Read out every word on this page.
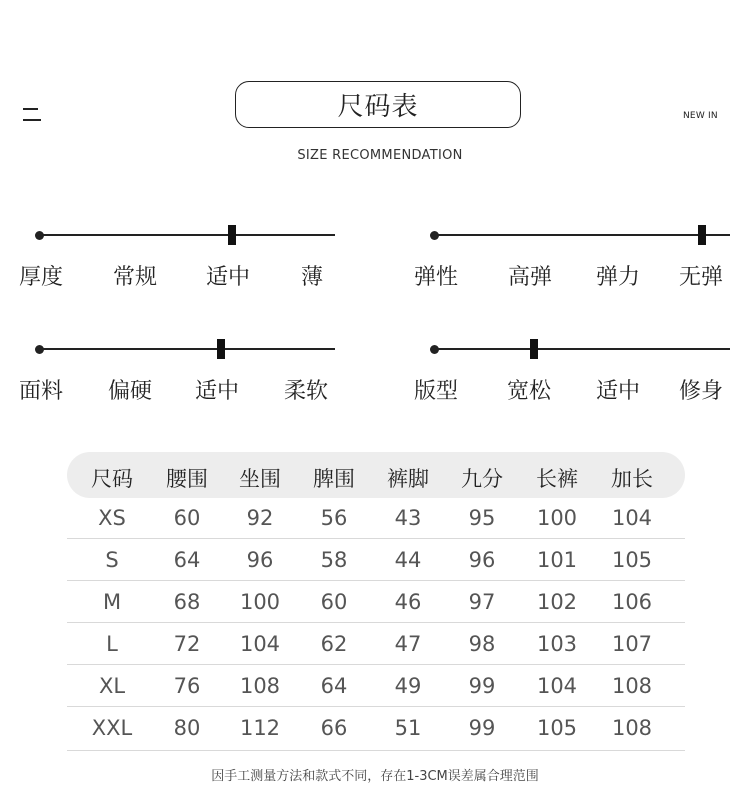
尺码表	NEW IN
SIZE RECOMMENDATION
厚度 常规 适中 薄	弹性 高弹 弹力 无弹
面料 偏硬 适中 柔软	版型 宽松 适中 修身
尺码	腰围	坐围	脾围	裤脚	九分	长裤	加长
XS	60	92	56	43	95	100	104
S	64	96	58	44	96	101	105
M	68	100	60	46	97	102	106
L	72	104	62	47	98	103	107
XL	76	108	64	49	99	104	108
XXL	80	112	66	51	99	105	108
因手工测量方法和款式不同，存在1-3CM误差属合理范围
